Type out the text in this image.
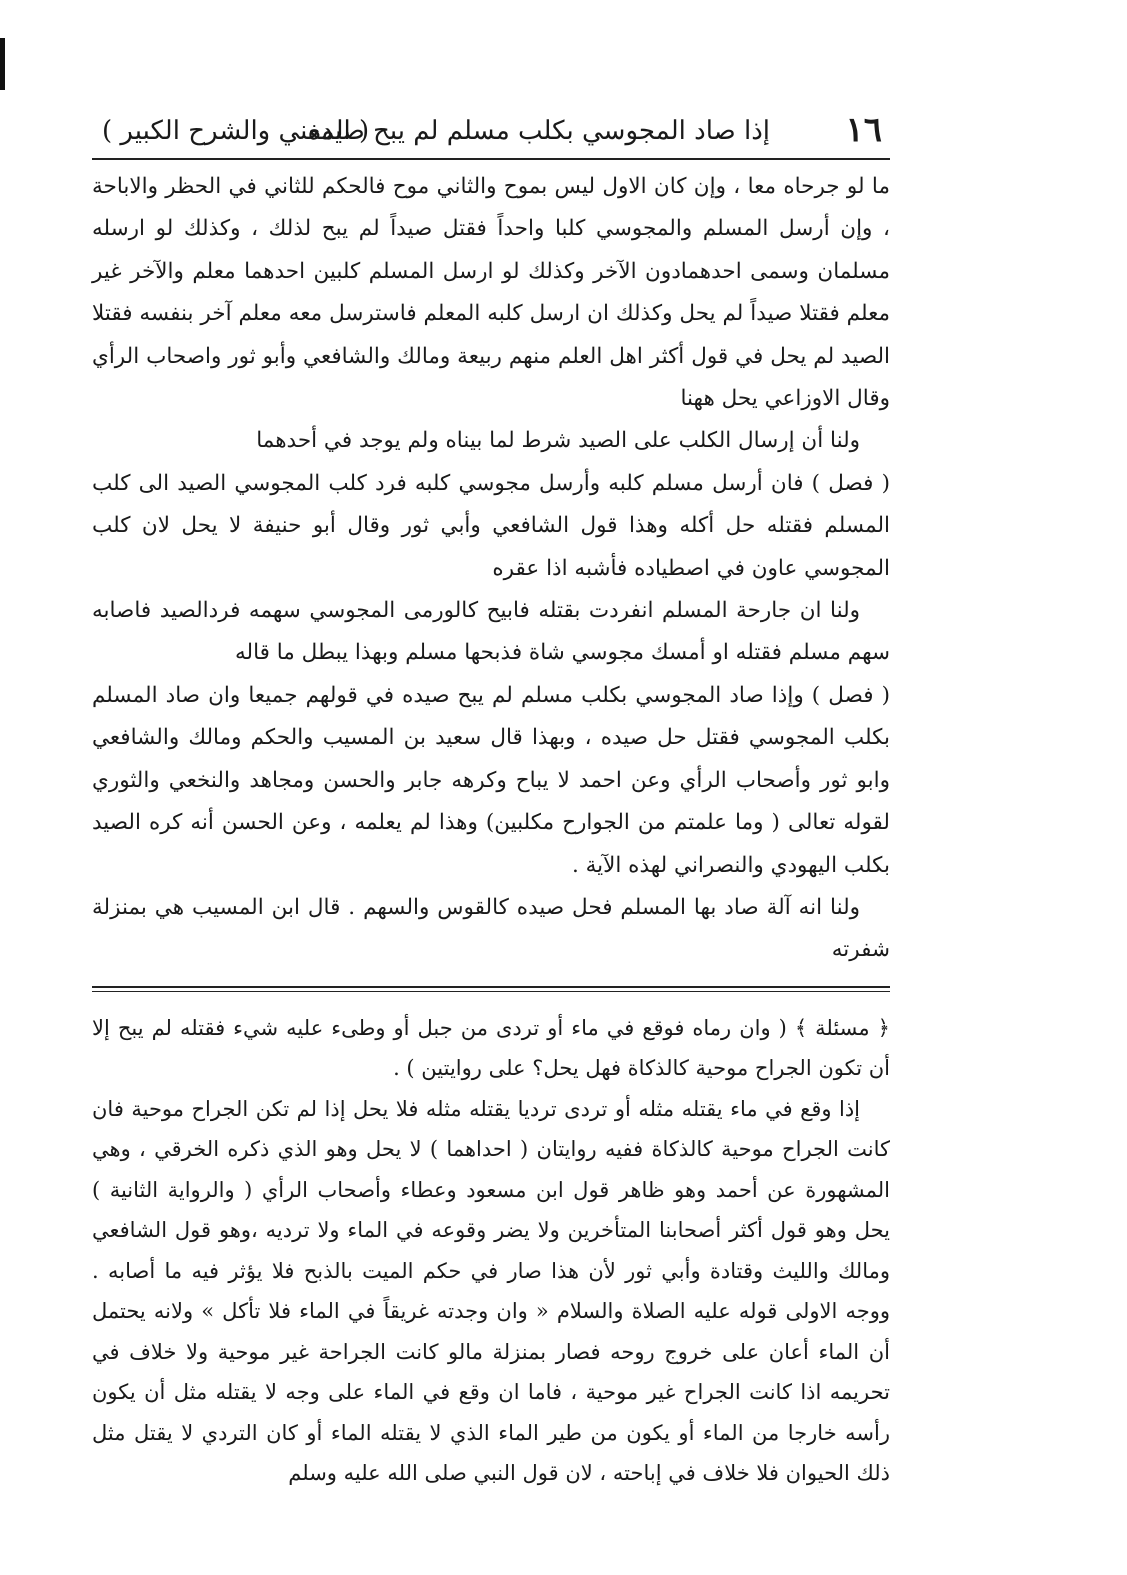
١٦
إذا صاد المجوسي بكلب مسلم لم يبح صيده
( المغني والشرح الكبير )

ما لو جرحاه معا ، وإن كان الاول ليس بموح والثاني موح فالحكم للثاني في الحظر والاباحة ، وإن أرسل المسلم والمجوسي كلبا واحداً فقتل صيداً لم يبح لذلك ، وكذلك لو ارسله مسلمان وسمى احدهمادون الآخر وكذلك لو ارسل المسلم كلبين احدهما معلم والآخر غير معلم فقتلا صيداً لم يحل وكذلك ان ارسل كلبه المعلم فاسترسل معه معلم آخر بنفسه فقتلا الصيد لم يحل في قول أكثر اهل العلم منهم ربيعة ومالك والشافعي وأبو ثور واصحاب الرأي وقال الاوزاعي يحل ههنا

ولنا أن إرسال الكلب على الصيد شرط لما بيناه ولم يوجد في أحدهما

( فصل ) فان أرسل مسلم كلبه وأرسل مجوسي كلبه فرد كلب المجوسي الصيد الى كلب المسلم فقتله حل أكله وهذا قول الشافعي وأبي ثور وقال أبو حنيفة لا يحل لان كلب المجوسي عاون في اصطياده فأشبه اذا عقره

ولنا ان جارحة المسلم انفردت بقتله فابيح كالورمى المجوسي سهمه فردالصيد فاصابه سهم مسلم فقتله او أمسك مجوسي شاة فذبحها مسلم وبهذا يبطل ما قاله

( فصل ) وإذا صاد المجوسي بكلب مسلم لم يبح صيده في قولهم جميعا وان صاد المسلم بكلب المجوسي فقتل حل صيده ، وبهذا قال سعيد بن المسيب والحكم ومالك والشافعي وابو ثور وأصحاب الرأي وعن احمد لا يباح وكرهه جابر والحسن ومجاهد والنخعي والثوري لقوله تعالى ( وما علمتم من الجوارح مكلبين) وهذا لم يعلمه ، وعن الحسن أنه كره الصيد بكلب اليهودي والنصراني لهذه الآية .

ولنا انه آلة صاد بها المسلم فحل صيده كالقوس والسهم . قال ابن المسيب هي بمنزلة شفرته

﴿ مسئلة ﴾ ( وان رماه فوقع في ماء أو تردى من جبل أو وطىء عليه شيء فقتله لم يبح إلا أن تكون الجراح موحية كالذكاة فهل يحل؟ على روايتين ) .

إذا وقع في ماء يقتله مثله أو تردى ترديا يقتله مثله فلا يحل إذا لم تكن الجراح موحية فان كانت الجراح موحية كالذكاة ففيه روايتان ( احداهما ) لا يحل وهو الذي ذكره الخرقي ، وهي المشهورة عن أحمد وهو ظاهر قول ابن مسعود وعطاء وأصحاب الرأي ( والرواية الثانية ) يحل وهو قول أكثر أصحابنا المتأخرين ولا يضر وقوعه في الماء ولا ترديه ،وهو قول الشافعي ومالك والليث وقتادة وأبي ثور لأن هذا صار في حكم الميت بالذبح فلا يؤثر فيه ما أصابه . ووجه الاولى قوله عليه الصلاة والسلام « وان وجدته غريقاً في الماء فلا تأكل » ولانه يحتمل أن الماء أعان على خروج روحه فصار بمنزلة مالو كانت الجراحة غير موحية ولا خلاف في تحريمه اذا كانت الجراح غير موحية ، فاما ان وقع في الماء على وجه لا يقتله مثل أن يكون رأسه خارجا من الماء أو يكون من طير الماء الذي لا يقتله الماء أو كان التردي لا يقتل مثل ذلك الحيوان فلا خلاف في إباحته ، لان قول النبي صلى الله عليه وسلم
